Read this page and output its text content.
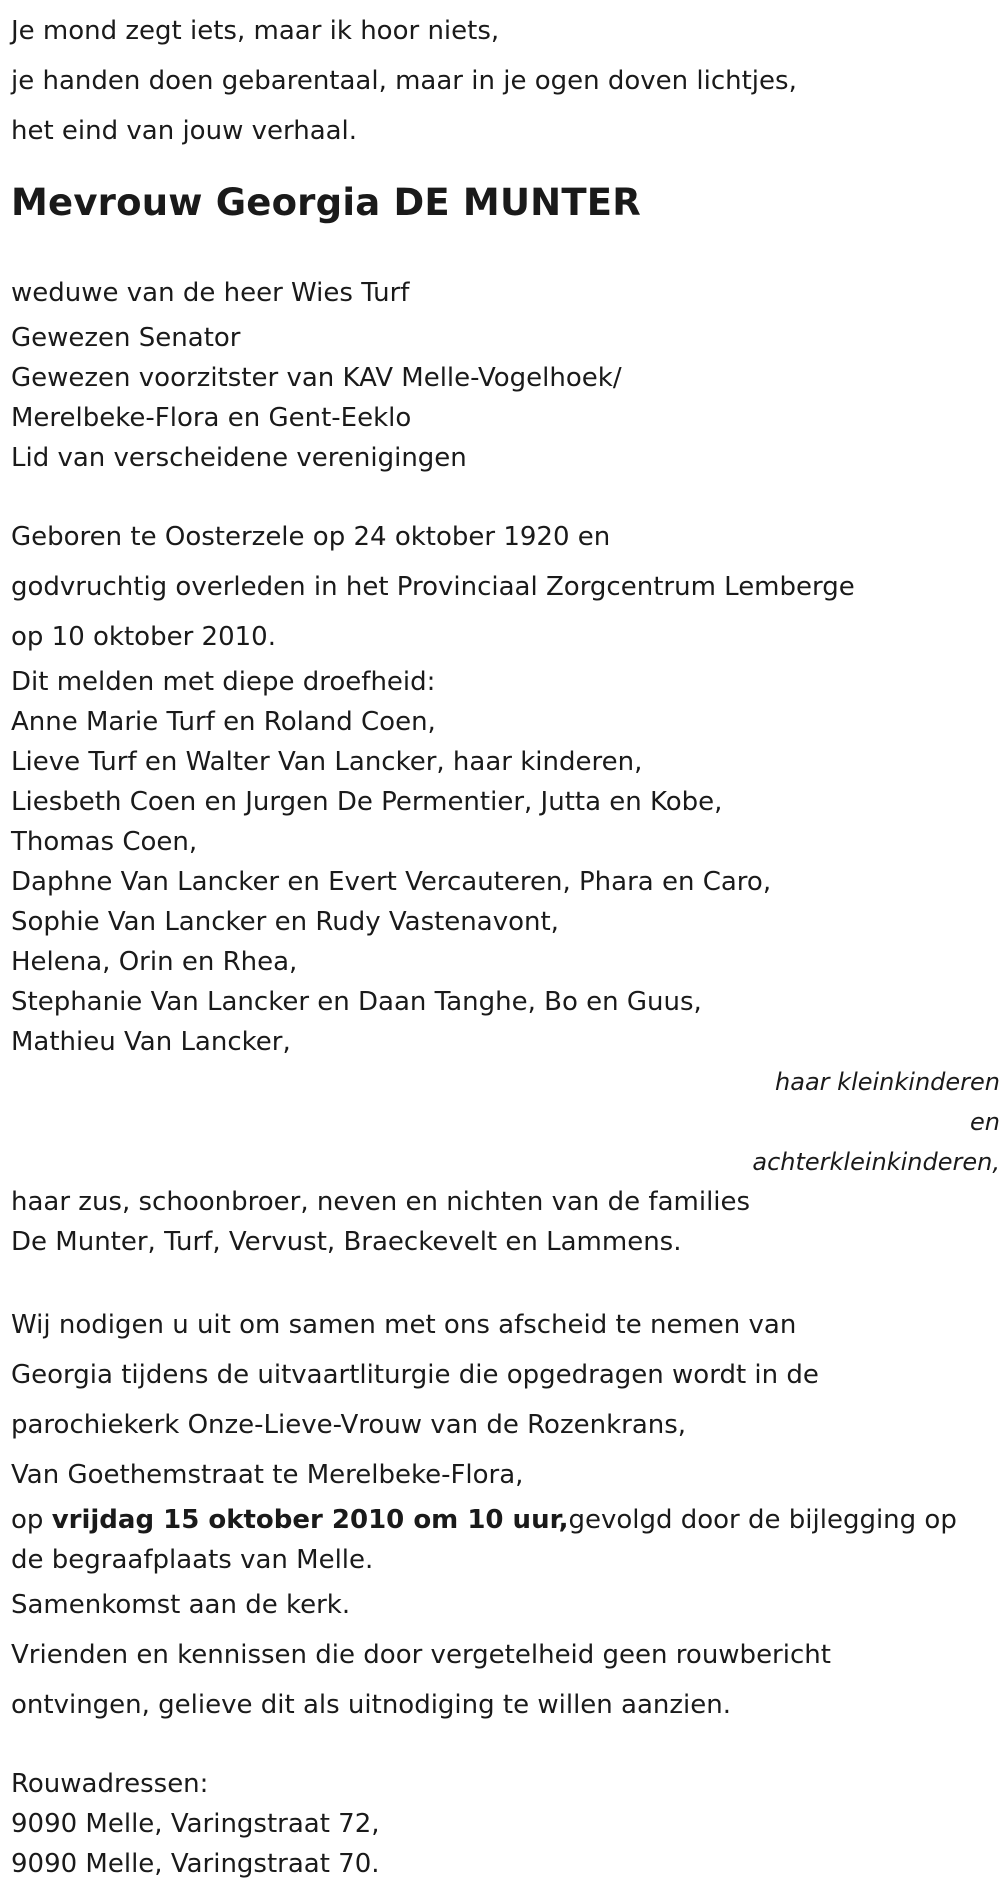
Je mond zegt iets, maar ik hoor niets,
je handen doen gebarentaal, maar in je ogen doven lichtjes,
het eind van jouw verhaal.
Mevrouw Georgia DE MUNTER
weduwe van de heer Wies Turf
Gewezen Senator
Gewezen voorzitster van KAV Melle-Vogelhoek/
Merelbeke-Flora en Gent-Eeklo
Lid van verscheidene verenigingen
Geboren te Oosterzele op 24 oktober 1920 en
godvruchtig overleden in het Provinciaal Zorgcentrum Lemberge
op 10 oktober 2010.
Dit melden met diepe droefheid:
Anne Marie Turf en Roland Coen,
Lieve Turf en Walter Van Lancker, haar kinderen,
Liesbeth Coen en Jurgen De Permentier, Jutta en Kobe,
Thomas Coen,
Daphne Van Lancker en Evert Vercauteren, Phara en Caro,
Sophie Van Lancker en Rudy Vastenavont,
Helena, Orin en Rhea,
Stephanie Van Lancker en Daan Tanghe, Bo en Guus,
Mathieu Van Lancker,
haar kleinkinderen
en
achterkleinkinderen,
haar zus, schoonbroer, neven en nichten van de families
De Munter, Turf, Vervust, Braeckevelt en Lammens.
Wij nodigen u uit om samen met ons afscheid te nemen van
Georgia tijdens de uitvaartliturgie die opgedragen wordt in de
parochiekerk Onze-Lieve-Vrouw van de Rozenkrans,
Van Goethemstraat te Merelbeke-Flora,
op vrijdag 15 oktober 2010 om 10 uur,gevolgd door de bijlegging op de begraafplaats van Melle.
Samenkomst aan de kerk.
Vrienden en kennissen die door vergetelheid geen rouwbericht
ontvingen, gelieve dit als uitnodiging te willen aanzien.
Rouwadressen:
9090 Melle, Varingstraat 72,
9090 Melle, Varingstraat 70.
